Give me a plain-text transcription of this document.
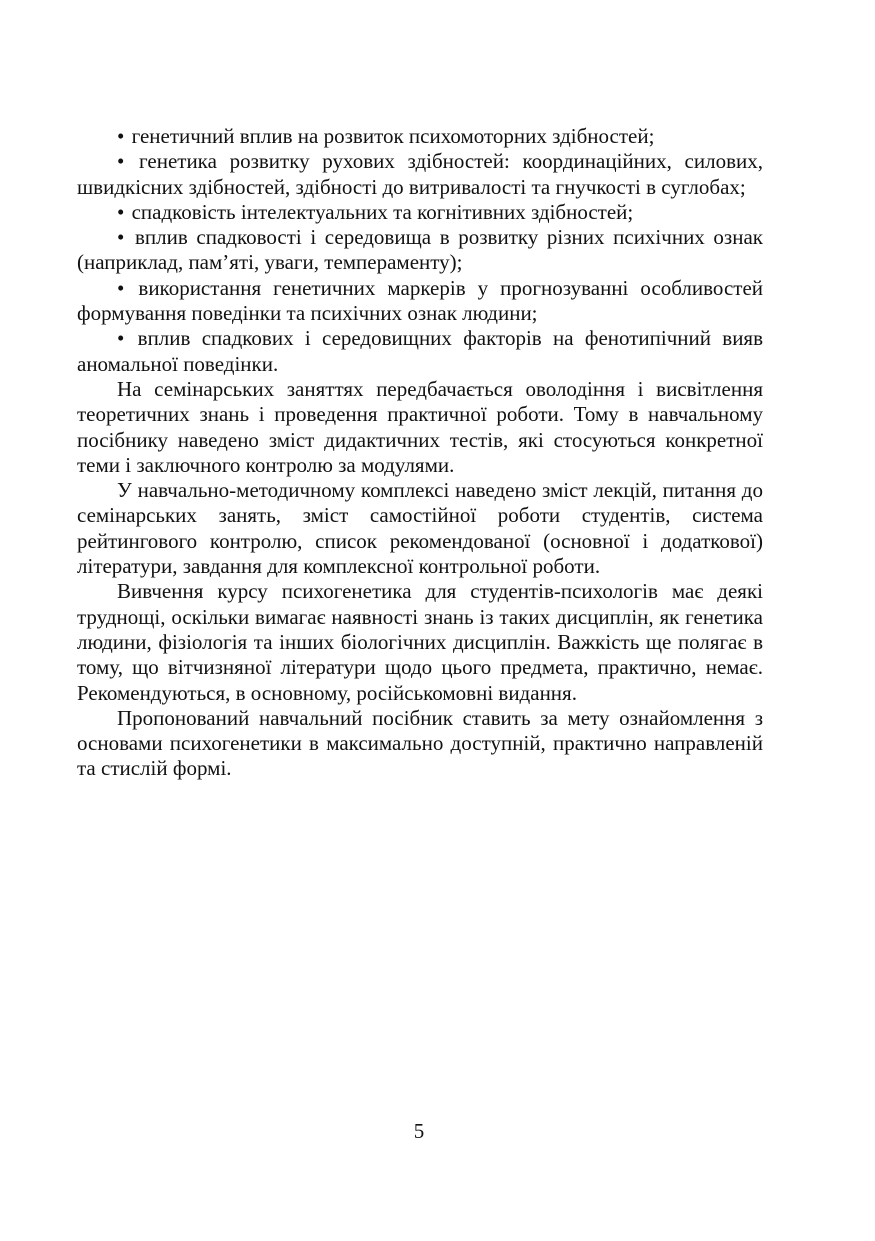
• генетичний вплив на розвиток психомоторних здібностей;

• генетика розвитку рухових здібностей: координаційних, силових, швидкісних здібностей, здібності до витривалості та гнучкості в суглобах;

• спадковість інтелектуальних та когнітивних здібностей;

• вплив спадковості і середовища в розвитку різних психічних ознак (наприклад, пам’яті, уваги, темпераменту);

• використання генетичних маркерів у прогнозуванні особливостей формування поведінки та психічних ознак людини;

• вплив спадкових і середовищних факторів на фенотипічний вияв аномальної поведінки.

На семінарських заняттях передбачається оволодіння і висвітлення теоретичних знань і проведення практичної роботи. Тому в навчальному посібнику наведено зміст дидактичних тестів, які стосуються конкретної теми і заключного контролю за модулями.

У навчально-методичному комплексі наведено зміст лекцій, питання до семінарських занять, зміст самостійної роботи студентів, система рейтингового контролю, список рекомендованої (основної і додаткової) літератури, завдання для комплексної контрольної роботи.

Вивчення курсу психогенетика для студентів-психологів має деякі труднощі, оскільки вимагає наявності знань із таких дисциплін, як генетика людини, фізіологія та інших біологічних дисциплін. Важкість ще полягає в тому, що вітчизняної літератури щодо цього предмета, практично, немає. Рекомендуються, в основному, російськомовні видання.

Пропонований навчальний посібник ставить за мету ознайомлення з основами психогенетики в максимально доступній, практично направленій та стислій формі.

5
